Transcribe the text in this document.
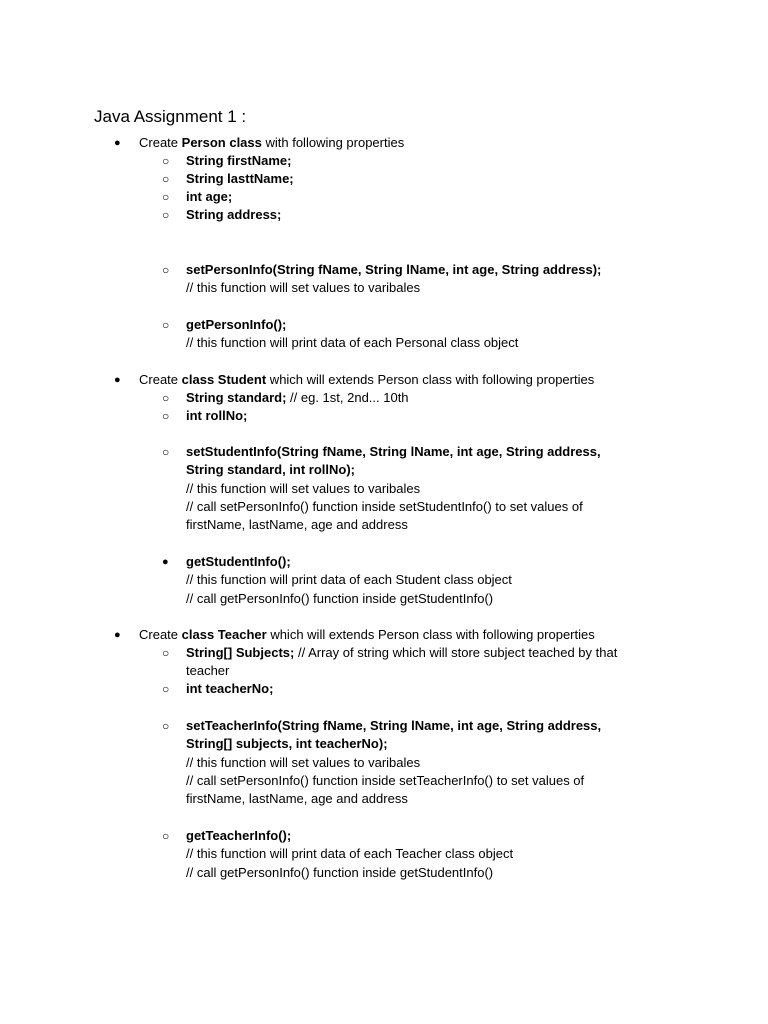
Java Assignment 1 :
● Create Person class with following properties
○ String firstName;
○ String lasttName;
○ int age;
○ String address;
○ setPersonInfo(String fName, String lName, int age, String address);
// this function will set values to varibales
○ getPersonInfo();
// this function will print data of each Personal class object
● Create class Student which will extends Person class with following properties
○ String standard; // eg. 1st, 2nd... 10th
○ int rollNo;
○ setStudentInfo(String fName, String lName, int age, String address,
String standard, int rollNo);
// this function will set values to varibales
// call setPersonInfo() function inside setStudentInfo() to set values of
firstName, lastName, age and address
● getStudentInfo();
// this function will print data of each Student class object
// call getPersonInfo() function inside getStudentInfo()
● Create class Teacher which will extends Person class with following properties
○ String[] Subjects; // Array of string which will store subject teached by that
teacher
○ int teacherNo;
○ setTeacherInfo(String fName, String lName, int age, String address,
String[] subjects, int teacherNo);
// this function will set values to varibales
// call setPersonInfo() function inside setTeacherInfo() to set values of
firstName, lastName, age and address
○ getTeacherInfo();
// this function will print data of each Teacher class object
// call getPersonInfo() function inside getStudentInfo()
